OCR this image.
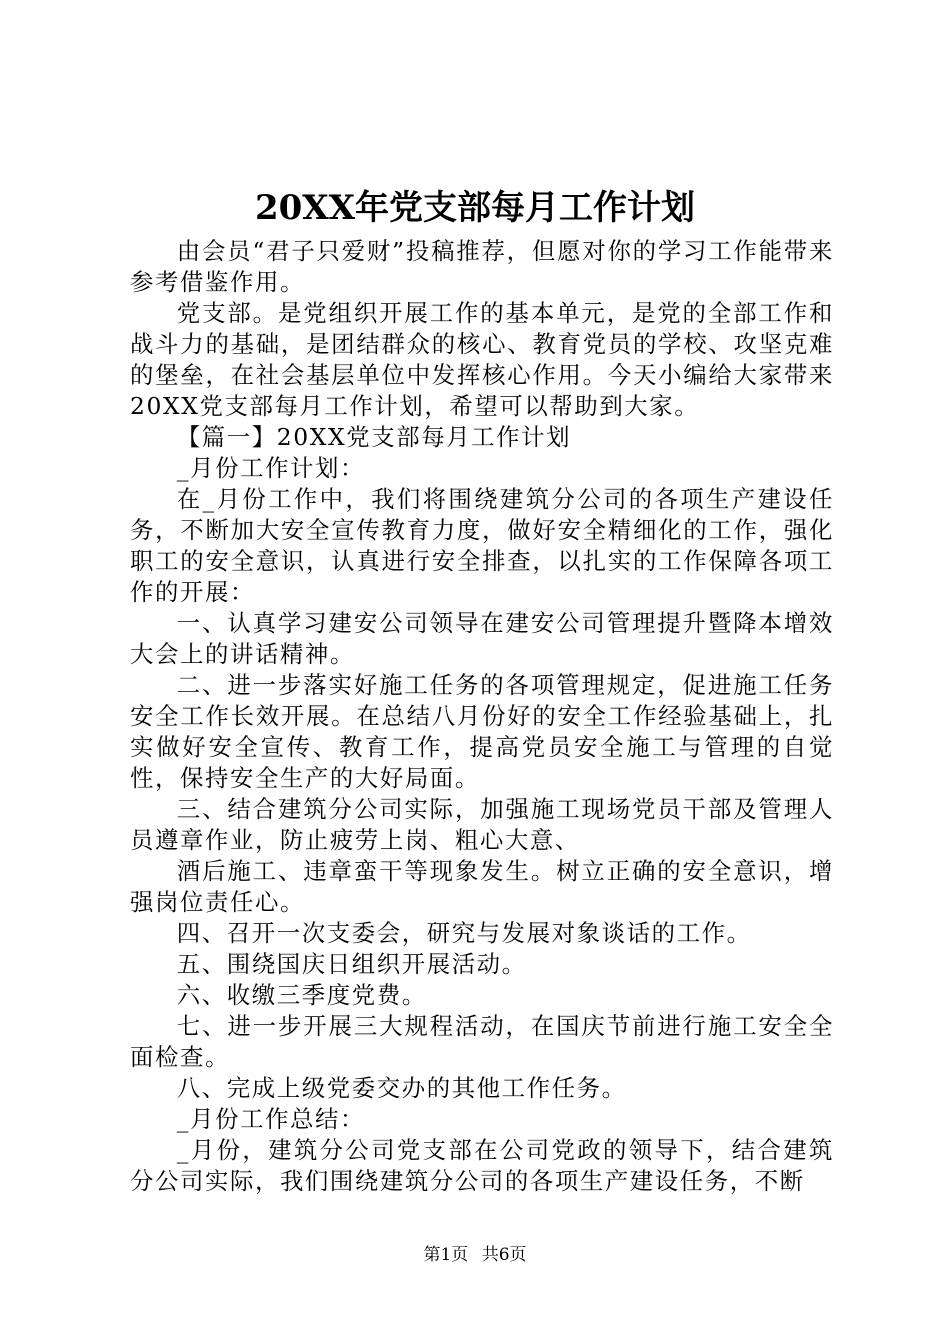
20XX年党支部每月工作计划

由会员“君子只爱财”投稿推荐，但愿对你的学习工作能带来参考借鉴作用。

党支部。是党组织开展工作的基本单元，是党的全部工作和战斗力的基础，是团结群众的核心、教育党员的学校、攻坚克难的堡垒，在社会基层单位中发挥核心作用。今天小编给大家带来20XX党支部每月工作计划，希望可以帮助到大家。

【篇一】20XX党支部每月工作计划

_月份工作计划：

在_月份工作中，我们将围绕建筑分公司的各项生产建设任务，不断加大安全宣传教育力度，做好安全精细化的工作，强化职工的安全意识，认真进行安全排查，以扎实的工作保障各项工作的开展：

一、认真学习建安公司领导在建安公司管理提升暨降本增效大会上的讲话精神。

二、进一步落实好施工任务的各项管理规定，促进施工任务安全工作长效开展。在总结八月份好的安全工作经验基础上，扎实做好安全宣传、教育工作，提高党员安全施工与管理的自觉性，保持安全生产的大好局面。

三、结合建筑分公司实际，加强施工现场党员干部及管理人员遵章作业，防止疲劳上岗、粗心大意、

酒后施工、违章蛮干等现象发生。树立正确的安全意识，增强岗位责任心。

四、召开一次支委会，研究与发展对象谈话的工作。

五、围绕国庆日组织开展活动。

六、收缴三季度党费。

七、进一步开展三大规程活动，在国庆节前进行施工安全全面检查。

八、完成上级党委交办的其他工作任务。

_月份工作总结：

_月份，建筑分公司党支部在公司党政的领导下，结合建筑分公司实际，我们围绕建筑分公司的各项生产建设任务，不断

第1页 共6页
